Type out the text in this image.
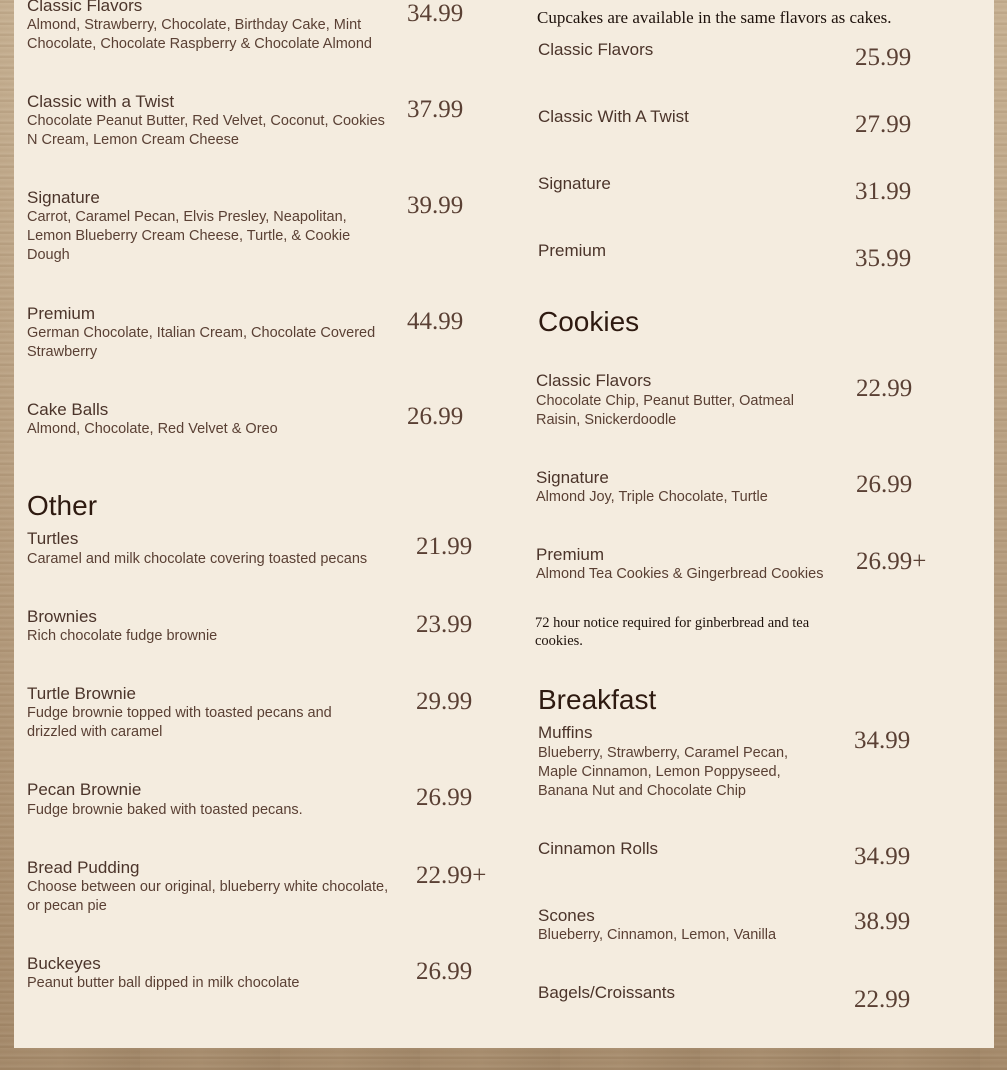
Classic Flavors
Almond, Strawberry, Chocolate, Birthday Cake, Mint Chocolate, Chocolate Raspberry & Chocolate Almond
34.99
Classic with a Twist
Chocolate Peanut Butter, Red Velvet, Coconut, Cookies N Cream, Lemon Cream Cheese
37.99
Signature
Carrot, Caramel Pecan, Elvis Presley, Neapolitan, Lemon Blueberry Cream Cheese, Turtle, & Cookie Dough
39.99
Premium
German Chocolate, Italian Cream, Chocolate Covered Strawberry
44.99
Cake Balls
Almond, Chocolate, Red Velvet & Oreo	26.99
Other
Turtles
Caramel and milk chocolate covering toasted pecans	21.99
Brownies
Rich chocolate fudge brownie	23.99
Turtle Brownie
Fudge brownie topped with toasted pecans and drizzled with caramel
29.99
Pecan Brownie
Fudge brownie baked with toasted pecans.	26.99
Bread Pudding
Choose between our original, blueberry white chocolate, or pecan pie
22.99+
Buckeyes
Peanut butter ball dipped in milk chocolate	26.99
Cupcakes are available in the same flavors as cakes.
Classic Flavors	25.99
Classic With A Twist	27.99
Signature	31.99
Premium	35.99
Cookies
Classic Flavors
Chocolate Chip, Peanut Butter, Oatmeal Raisin, Snickerdoodle
22.99
Signature
Almond Joy, Triple Chocolate, Turtle	26.99
Premium
Almond Tea Cookies & Gingerbread Cookies	26.99+
72 hour notice required for ginberbread and tea cookies.
Breakfast
Muffins
Blueberry, Strawberry, Caramel Pecan, Maple Cinnamon, Lemon Poppyseed, Banana Nut and Chocolate Chip
34.99
Cinnamon Rolls	34.99
Scones
Blueberry, Cinnamon, Lemon, Vanilla	38.99
Bagels/Croissants	22.99
